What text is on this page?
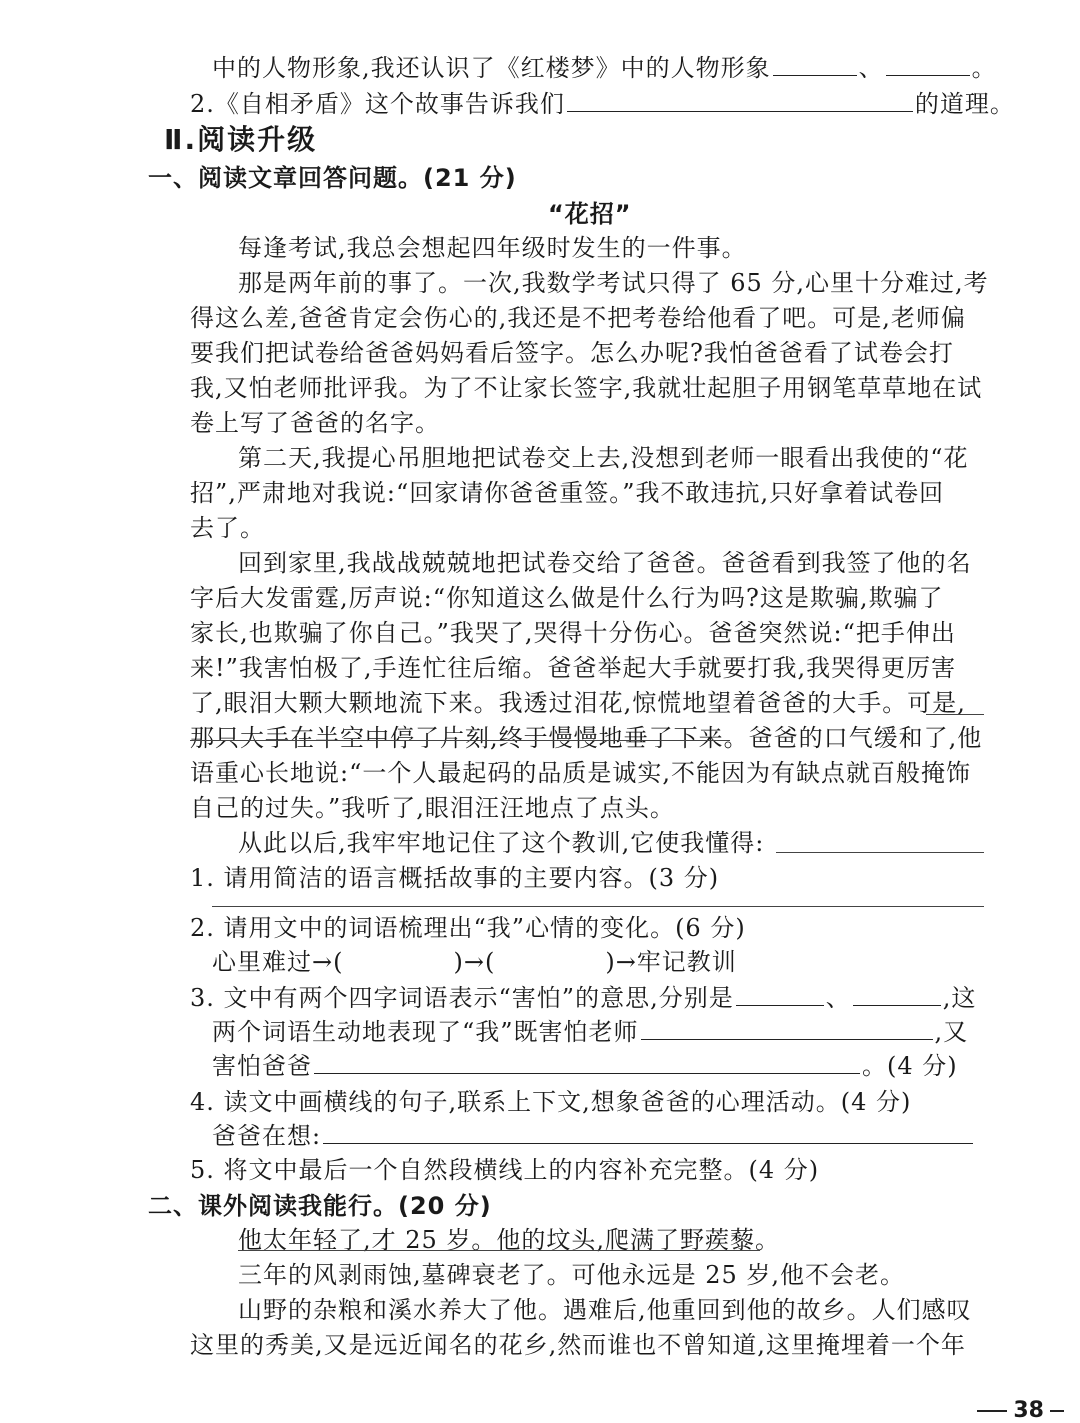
中的人物形象,我还认识了《红楼梦》中的人物形象	、	。
2.《自相矛盾》这个故事告诉我们	的道理。
Ⅱ.阅读升级
一、阅读文章回答问题。(21 分)
“花招”
每逢考试,我总会想起四年级时发生的一件事。
那是两年前的事了。一次,我数学考试只得了 65 分,心里十分难过,考
得这么差,爸爸肯定会伤心的,我还是不把考卷给他看了吧。可是,老师偏
要我们把试卷给爸爸妈妈看后签字。怎么办呢?我怕爸爸看了试卷会打
我,又怕老师批评我。为了不让家长签字,我就壮起胆子用钢笔草草地在试
卷上写了爸爸的名字。
第二天,我提心吊胆地把试卷交上去,没想到老师一眼看出我使的“花
招”,严肃地对我说:“回家请你爸爸重签。”我不敢违抗,只好拿着试卷回
去了。
回到家里,我战战兢兢地把试卷交给了爸爸。爸爸看到我签了他的名
字后大发雷霆,厉声说:“你知道这么做是什么行为吗?这是欺骗,欺骗了
家长,也欺骗了你自己。”我哭了,哭得十分伤心。爸爸突然说:“把手伸出
来!”我害怕极了,手连忙往后缩。爸爸举起大手就要打我,我哭得更厉害
了,眼泪大颗大颗地流下来。我透过泪花,惊慌地望着爸爸的大手。可是,
那只大手在半空中停了片刻,终于慢慢地垂了下来。爸爸的口气缓和了,他
语重心长地说:“一个人最起码的品质是诚实,不能因为有缺点就百般掩饰
自己的过失。”我听了,眼泪汪汪地点了点头。
从此以后,我牢牢地记住了这个教训,它使我懂得:
1. 请用简洁的语言概括故事的主要内容。(3 分)
2. 请用文中的词语梳理出“我”心情的变化。(6 分)
心里难过→(	)→(	)→牢记教训
3. 文中有两个四字词语表示“害怕”的意思,分别是	、	,这
两个词语生动地表现了“我”既害怕老师	,又
害怕爸爸	。(4 分)
4. 读文中画横线的句子,联系上下文,想象爸爸的心理活动。(4 分)
爸爸在想:
5. 将文中最后一个自然段横线上的内容补充完整。(4 分)
二、课外阅读我能行。(20 分)
他太年轻了,才 25 岁。他的坟头,爬满了野蒺藜。
三年的风剥雨蚀,墓碑衰老了。可他永远是 25 岁,他不会老。
山野的杂粮和溪水养大了他。遇难后,他重回到他的故乡。人们感叹
这里的秀美,又是远近闻名的花乡,然而谁也不曾知道,这里掩埋着一个年
38
